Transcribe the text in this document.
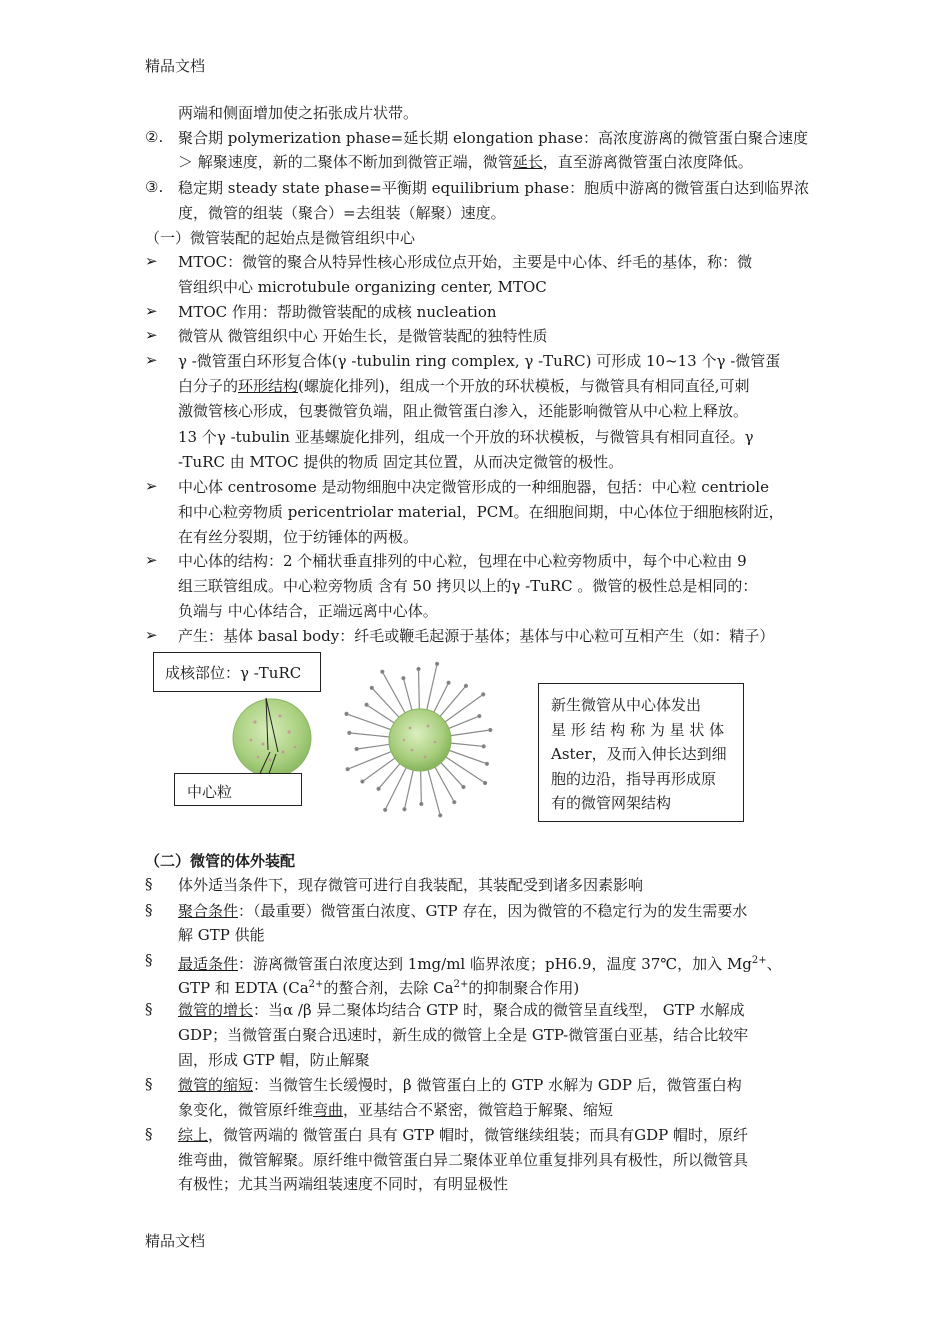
精品文档
两端和侧面增加使之拓张成片状带。
②. 聚合期 polymerization phase=延长期 elongation phase：高浓度游离的微管蛋白聚合速度
＞ 解聚速度，新的二聚体不断加到微管正端，微管延长，直至游离微管蛋白浓度降低。
③. 稳定期 steady state phase=平衡期 equilibrium phase：胞质中游离的微管蛋白达到临界浓
度，微管的组装（聚合）=去组装（解聚）速度。
（一）微管装配的起始点是微管组织中心
➢ MTOC：微管的聚合从特异性核心形成位点开始，主要是中心体、纤毛的基体，称：微
管组织中心 microtubule organizing center, MTOC
➢ MTOC 作用：帮助微管装配的成核 nucleation
➢ 微管从 微管组织中心 开始生长，是微管装配的独特性质
➢ γ -微管蛋白环形复合体(γ -tubulin ring complex, γ -TuRC) 可形成 10~13 个γ -微管蛋
白分子的环形结构(螺旋化排列)，组成一个开放的环状模板，与微管具有相同直径,可刺
激微管核心形成，包裹微管负端，阻止微管蛋白渗入，还能影响微管从中心粒上释放。
13 个γ -tubulin 亚基螺旋化排列，组成一个开放的环状模板，与微管具有相同直径。γ
-TuRC 由 MTOC 提供的物质 固定其位置，从而决定微管的极性。
➢ 中心体 centrosome 是动物细胞中决定微管形成的一种细胞器，包括：中心粒 centriole
和中心粒旁物质 pericentriolar material，PCM。在细胞间期，中心体位于细胞核附近，
在有丝分裂期，位于纺锤体的两极。
➢ 中心体的结构：2 个桶状垂直排列的中心粒，包埋在中心粒旁物质中，每个中心粒由 9
组三联管组成。中心粒旁物质 含有 50 拷贝以上的γ -TuRC 。微管的极性总是相同的：
负端与 中心体结合，正端远离中心体。
➢ 产生：基体 basal body：纤毛或鞭毛起源于基体；基体与中心粒可互相产生（如：精子）
成核部位：γ -TuRC
中心粒
新生微管从中心体发出
星 形 结 构 称 为 星 状 体
Aster，及而入伸长达到细
胞的边沿，指导再形成原
有的微管网架结构
（二）微管的体外装配
§ 体外适当条件下，现存微管可进行自我装配，其装配受到诸多因素影响
§ 聚合条件：（最重要）微管蛋白浓度、GTP 存在，因为微管的不稳定行为的发生需要水
解 GTP 供能
§ 最适条件：游离微管蛋白浓度达到 1mg/ml 临界浓度；pH6.9，温度 37℃，加入 $Mg^{2+}$、
GTP 和 EDTA ($Ca^{2+}$的螯合剂，去除 $Ca^{2+}$的抑制聚合作用)
§ 微管的增长：当α /β 异二聚体均结合 GTP 时，聚合成的微管呈直线型， GTP 水解成
GDP；当微管蛋白聚合迅速时，新生成的微管上全是 GTP-微管蛋白亚基，结合比较牢
固，形成 GTP 帽，防止解聚
§ 微管的缩短：当微管生长缓慢时，β 微管蛋白上的 GTP 水解为 GDP 后，微管蛋白构
象变化，微管原纤维弯曲，亚基结合不紧密，微管趋于解聚、缩短
§ 综上，微管两端的 微管蛋白 具有 GTP 帽时，微管继续组装；而具有GDP 帽时，原纤
维弯曲，微管解聚。原纤维中微管蛋白异二聚体亚单位重复排列具有极性，所以微管具
有极性；尤其当两端组装速度不同时，有明显极性
精品文档
